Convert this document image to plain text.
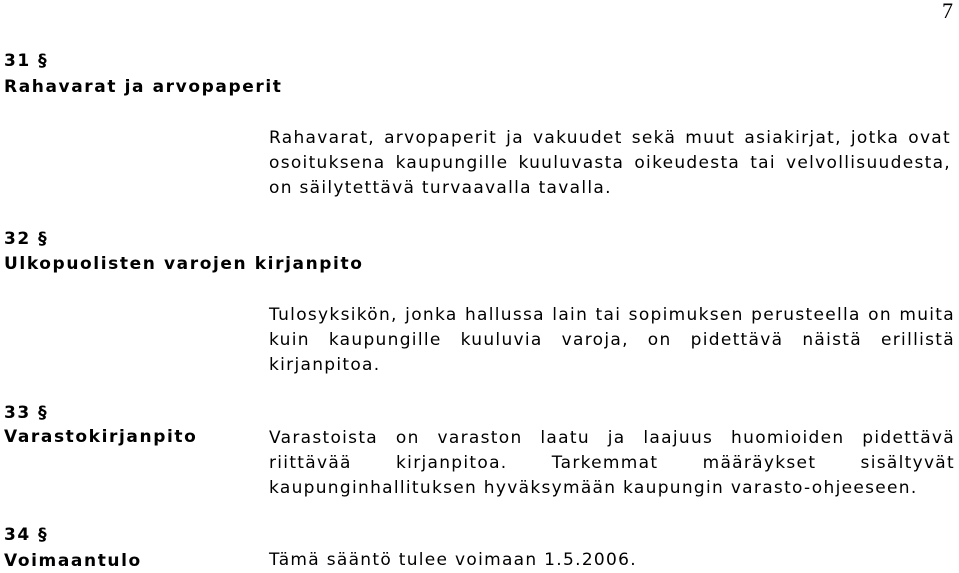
7
31 §
Rahavarat ja arvopaperit
Rahavarat, arvopaperit ja vakuudet sekä muut asiakirjat, jotka ovat osoituksena kaupungille kuuluvasta oikeudesta tai velvollisuudesta, on säilytettävä turvaavalla tavalla.
32 §
Ulkopuolisten varojen kirjanpito
Tulosyksikön, jonka hallussa lain tai sopimuksen perusteella on muita kuin kaupungille kuuluvia varoja, on pidettävä näistä erillistä kirjanpitoa.
33 §
Varastokirjanpito	Varastoista on varaston laatu ja laajuus huomioiden pidettävä riittävää kirjanpitoa. Tarkemmat määräykset sisältyvät kaupunginhallituksen hyväksymään kaupungin varasto-ohjeeseen.
34 §
Voimaantulo	Tämä sääntö tulee voimaan 1.5.2006.
